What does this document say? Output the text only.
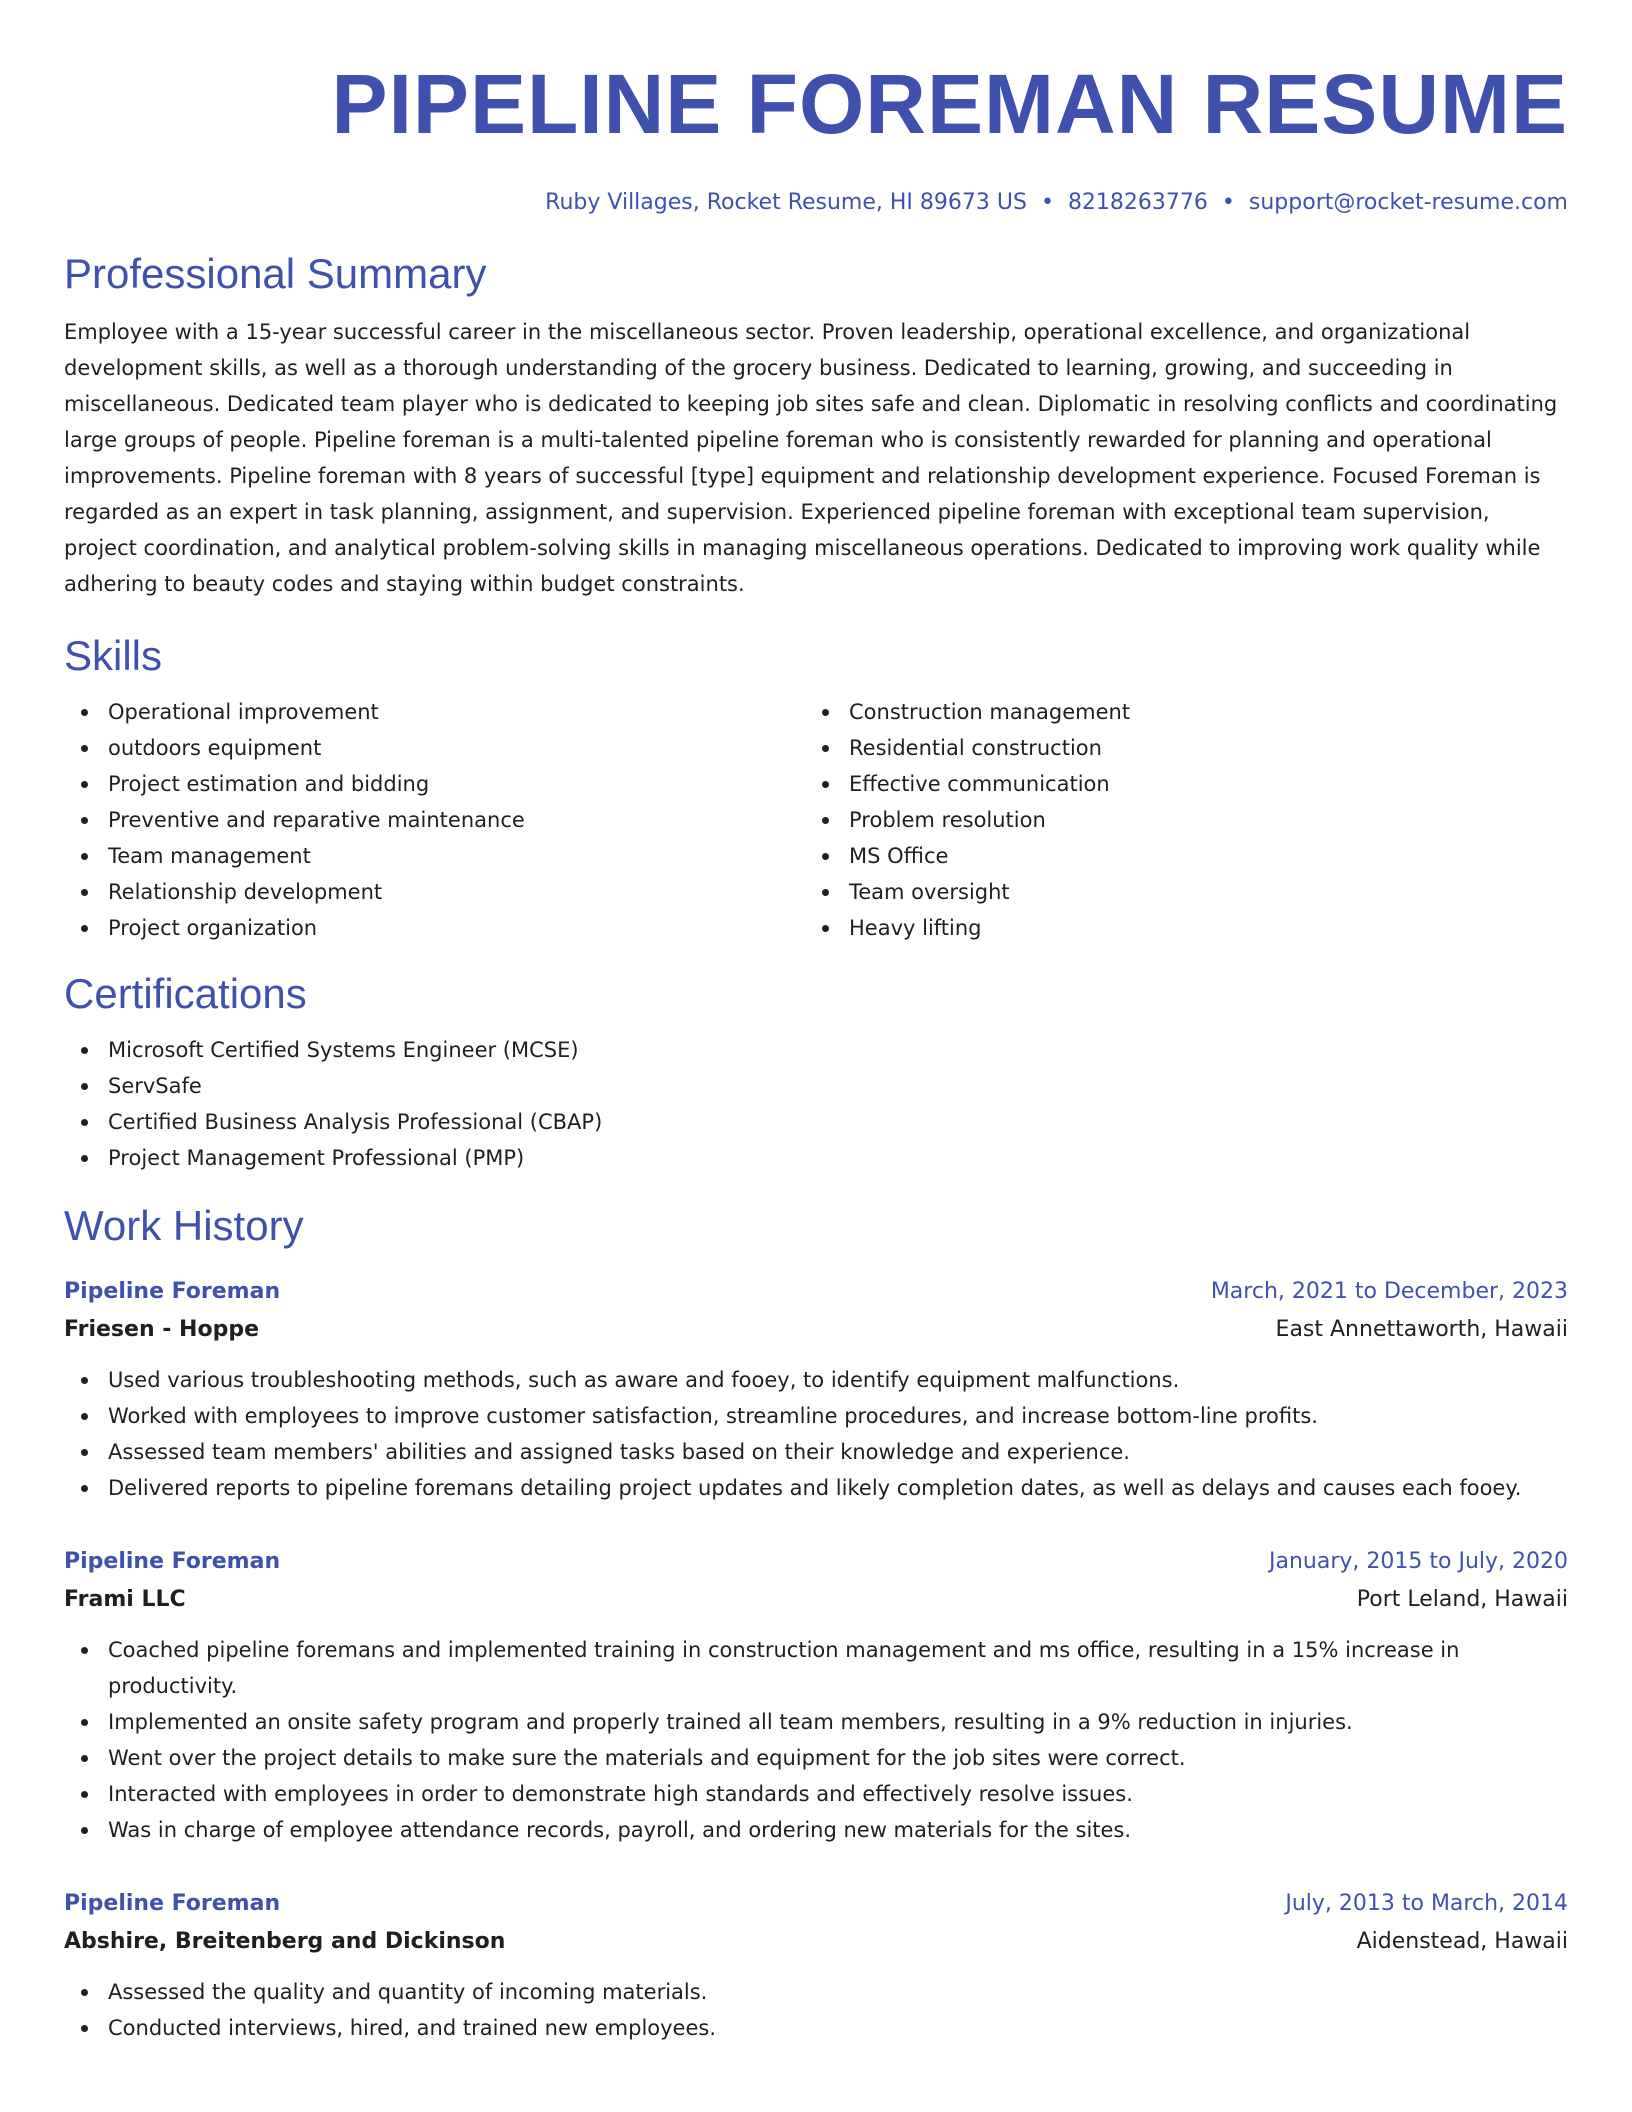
PIPELINE FOREMAN RESUME
Ruby Villages, Rocket Resume, HI 89673 US • 8218263776 • support@rocket-resume.com
Professional Summary

Employee with a 15-year successful career in the miscellaneous sector. Proven leadership, operational excellence, and organizational development skills, as well as a thorough understanding of the grocery business. Dedicated to learning, growing, and succeeding in miscellaneous. Dedicated team player who is dedicated to keeping job sites safe and clean. Diplomatic in resolving conflicts and coordinating large groups of people. Pipeline foreman is a multi-talented pipeline foreman who is consistently rewarded for planning and operational improvements. Pipeline foreman with 8 years of successful [type] equipment and relationship development experience. Focused Foreman is regarded as an expert in task planning, assignment, and supervision. Experienced pipeline foreman with exceptional team supervision, project coordination, and analytical problem-solving skills in managing miscellaneous operations. Dedicated to improving work quality while adhering to beauty codes and staying within budget constraints.

Skills
Operational improvement
outdoors equipment
Project estimation and bidding
Preventive and reparative maintenance
Team management
Relationship development
Project organization
Construction management
Residential construction
Effective communication
Problem resolution
MS Office
Team oversight
Heavy lifting
Certifications
Microsoft Certified Systems Engineer (MCSE)
ServSafe
Certified Business Analysis Professional (CBAP)
Project Management Professional (PMP)
Work History
Pipeline Foreman	March, 2021 to December, 2023
Friesen - Hoppe	East Annettaworth, Hawaii
Used various troubleshooting methods, such as aware and fooey, to identify equipment malfunctions.
Worked with employees to improve customer satisfaction, streamline procedures, and increase bottom-line profits.
Assessed team members' abilities and assigned tasks based on their knowledge and experience.
Delivered reports to pipeline foremans detailing project updates and likely completion dates, as well as delays and causes each fooey.
Pipeline Foreman	January, 2015 to July, 2020
Frami LLC	Port Leland, Hawaii
Coached pipeline foremans and implemented training in construction management and ms office, resulting in a 15% increase in productivity.
Implemented an onsite safety program and properly trained all team members, resulting in a 9% reduction in injuries.
Went over the project details to make sure the materials and equipment for the job sites were correct.
Interacted with employees in order to demonstrate high standards and effectively resolve issues.
Was in charge of employee attendance records, payroll, and ordering new materials for the sites.
Pipeline Foreman	July, 2013 to March, 2014
Abshire, Breitenberg and Dickinson	Aidenstead, Hawaii
Assessed the quality and quantity of incoming materials.
Conducted interviews, hired, and trained new employees.
